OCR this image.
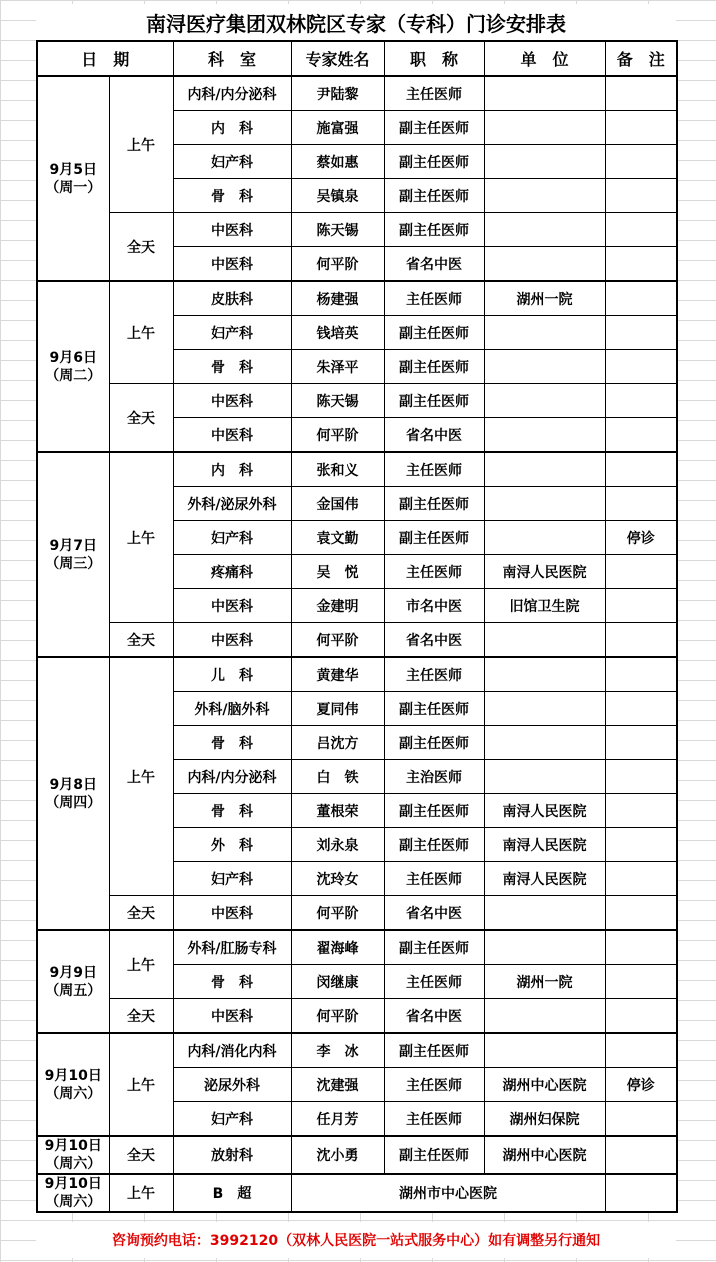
南浔医疗集团双林院区专家（专科）门诊安排表
日　期		科　室	专家姓名	职　称	单　位	备　注
9月5日
（周一）	上午	内科/内分泌科	尹陆黎	主任医师		
		内　科	施富强	副主任医师		
		妇产科	蔡如惠	副主任医师		
		骨　科	吴镇泉	副主任医师		
	全天	中医科	陈天锡	副主任医师		
		中医科	何平阶	省名中医		
9月6日
（周二）	上午	皮肤科	杨建强	主任医师	湖州一院	
		妇产科	钱培英	副主任医师		
		骨　科	朱泽平	副主任医师		
	全天	中医科	陈天锡	副主任医师		
		中医科	何平阶	省名中医		
9月7日
（周三）	上午	内　科	张和义	主任医师		
		外科/泌尿外科	金国伟	副主任医师		
		妇产科	袁文勤	副主任医师		停诊
		疼痛科	吴　悦	主任医师	南浔人民医院	
		中医科	金建明	市名中医	旧馆卫生院	
	全天	中医科	何平阶	省名中医		
9月8日
（周四）	上午	儿　科	黄建华	主任医师		
		外科/脑外科	夏同伟	副主任医师		
		骨　科	吕沈方	副主任医师		
		内科/内分泌科	白　铁	主治医师		
		骨　科	董根荣	副主任医师	南浔人民医院	
		外　科	刘永泉	副主任医师	南浔人民医院	
		妇产科	沈玲女	主任医师	南浔人民医院	
	全天	中医科	何平阶	省名中医		
9月9日
（周五）	上午	外科/肛肠专科	翟海峰	副主任医师		
		骨　科	闵继康	主任医师	湖州一院	
	全天	中医科	何平阶	省名中医		
9月10日
（周六）	上午	内科/消化内科	李　冰	副主任医师		
		泌尿外科	沈建强	主任医师	湖州中心医院	停诊
		妇产科	任月芳	主任医师	湖州妇保院	
9月10日
（周六）	全天	放射科	沈小勇	副主任医师	湖州中心医院	
9月10日
（周六）	上午	B　超	湖州市中心医院			
咨询预约电话：3992120（双林人民医院一站式服务中心）如有调整另行通知
